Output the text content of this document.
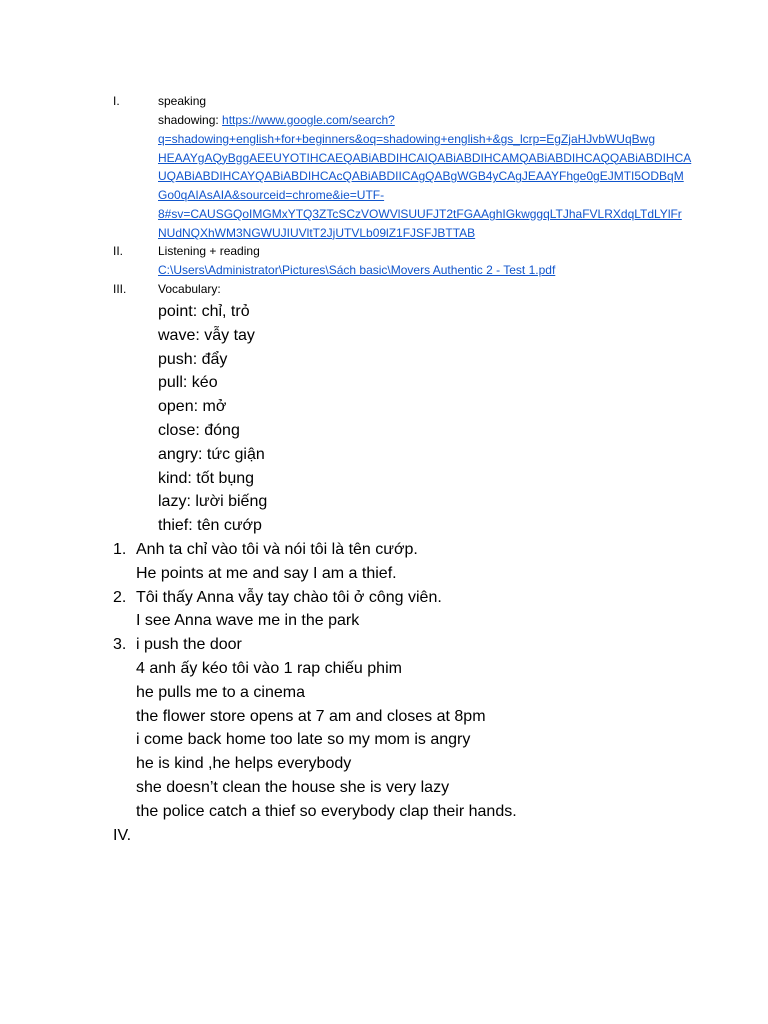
I.	speaking
shadowing: https://www.google.com/search?
q=shadowing+english+for+beginners&oq=shadowing+english+&gs_lcrp=EgZjaHJvbWUqBwg
HEAAYgAQyBggAEEUYOTIHCAEQABiABDIHCAIQABiABDIHCAMQABiABDIHCAQQABiABDIHCA
UQABiABDIHCAYQABiABDIHCAcQABiABDIICAgQABgWGB4yCAgJEAAYFhge0gEJMTI5ODBqM
Go0qAIAsAIA&sourceid=chrome&ie=UTF-
8#sv=CAUSGQoIMGMxYTQ3ZTcSCzVOWVlSUUFJT2tFGAAghIGkwggqLTJhaFVLRXdqLTdLYlFr
NUdNQXhWM3NGWUJIUVltT2JjUTVLb09lZ1FJSFJBTTAB
II.	Listening + reading
C:\Users\Administrator\Pictures\Sách basic\Movers Authentic 2 - Test 1.pdf
III.	Vocabulary:
point: chỉ, trỏ
wave: vẫy tay
push: đẩy
pull: kéo
open: mở
close: đóng
angry: tức giận
kind: tốt bụng
lazy: lười biếng
thief: tên cướp
1. Anh ta chỉ vào tôi và nói tôi là tên cướp.
He points at me and say I am a thief.
2. Tôi thấy Anna vẫy tay chào tôi ở công viên.
I see Anna wave me in the park
3. i push the door
4 anh ấy kéo tôi vào 1 rap chiếu phim
he pulls me to a cinema
the flower store opens at 7 am and closes at 8pm
i come back home too late so my mom is angry
he is kind ,he helps everybody
she doesn’t clean the house she is very lazy
the police catch a thief so everybody clap their hands.
IV.
